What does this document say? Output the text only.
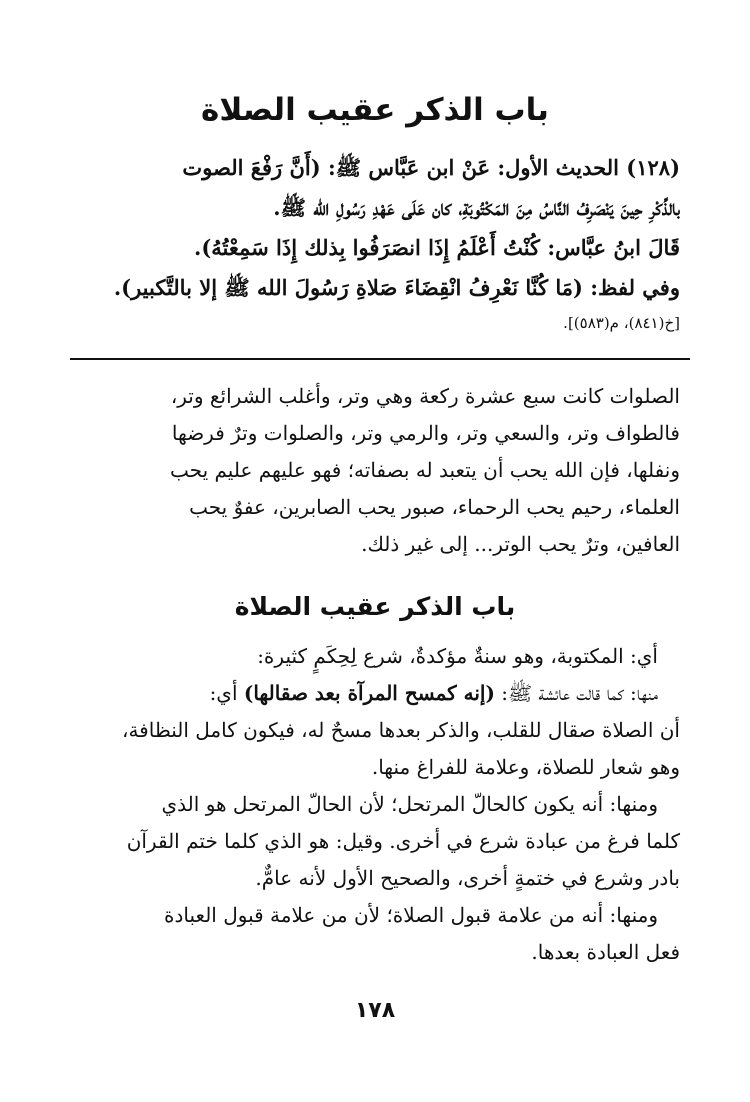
باب الذكر عقيب الصلاة

(١٢٨) الحديث الأول: عَنْ ابن عَبَّاس ﷺ: (أَنَّ رَفْعَ الصوت

بالذِّكْرِ حِينَ يَنْصَرِفُ النَّاسُ مِنَ المَكْتُوبَةِ، كان عَلَى عَهْدِ رَسُولِ الله ﷺ.

قَالَ ابنُ عبَّاس: كُنْتُ أَعْلَمُ إِذَا انصَرَفُوا بِذلك إِذَا سَمِعْتُهُ).

وفي لفظ: (مَا كُنَّا نَعْرِفُ انْقِضَاءَ صَلاةِ رَسُولَ الله ﷺ إلا بالتَّكبير).

[خ(٨٤١)، م(٥٨٣)].

الصلوات كانت سبع عشرة ركعة وهي وتر، وأغلب الشرائع وتر،

فالطواف وتر، والسعي وتر، والرمي وتر، والصلوات وترٌ فرضها

ونفلها، فإن الله يحب أن يتعبد له بصفاته؛ فهو عليهم عليم يحب

العلماء، رحيم يحب الرحماء، صبور يحب الصابرين، عفوٌ يحب

العافين، وترٌ يحب الوتر... إلى غير ذلك.

باب الذكر عقيب الصلاة

أي: المكتوبة، وهو سنةٌ مؤكدةٌ، شرع لِحِكَمٍ كثيرة:

منها: كما قالت عائشة ﷺ: (إنه كمسح المرآة بعد صقالها) أي:

أن الصلاة صقال للقلب، والذكر بعدها مسحٌ له، فيكون كامل النظافة،

وهو شعار للصلاة، وعلامة للفراغ منها.

ومنها: أنه يكون كالحالّ المرتحل؛ لأن الحالّ المرتحل هو الذي

كلما فرغ من عبادة شرع في أخرى. وقيل: هو الذي كلما ختم القرآن

بادر وشرع في ختمةٍ أخرى، والصحيح الأول لأنه عامٌّ.

ومنها: أنه من علامة قبول الصلاة؛ لأن من علامة قبول العبادة

فعل العبادة بعدها.

١٧٨
